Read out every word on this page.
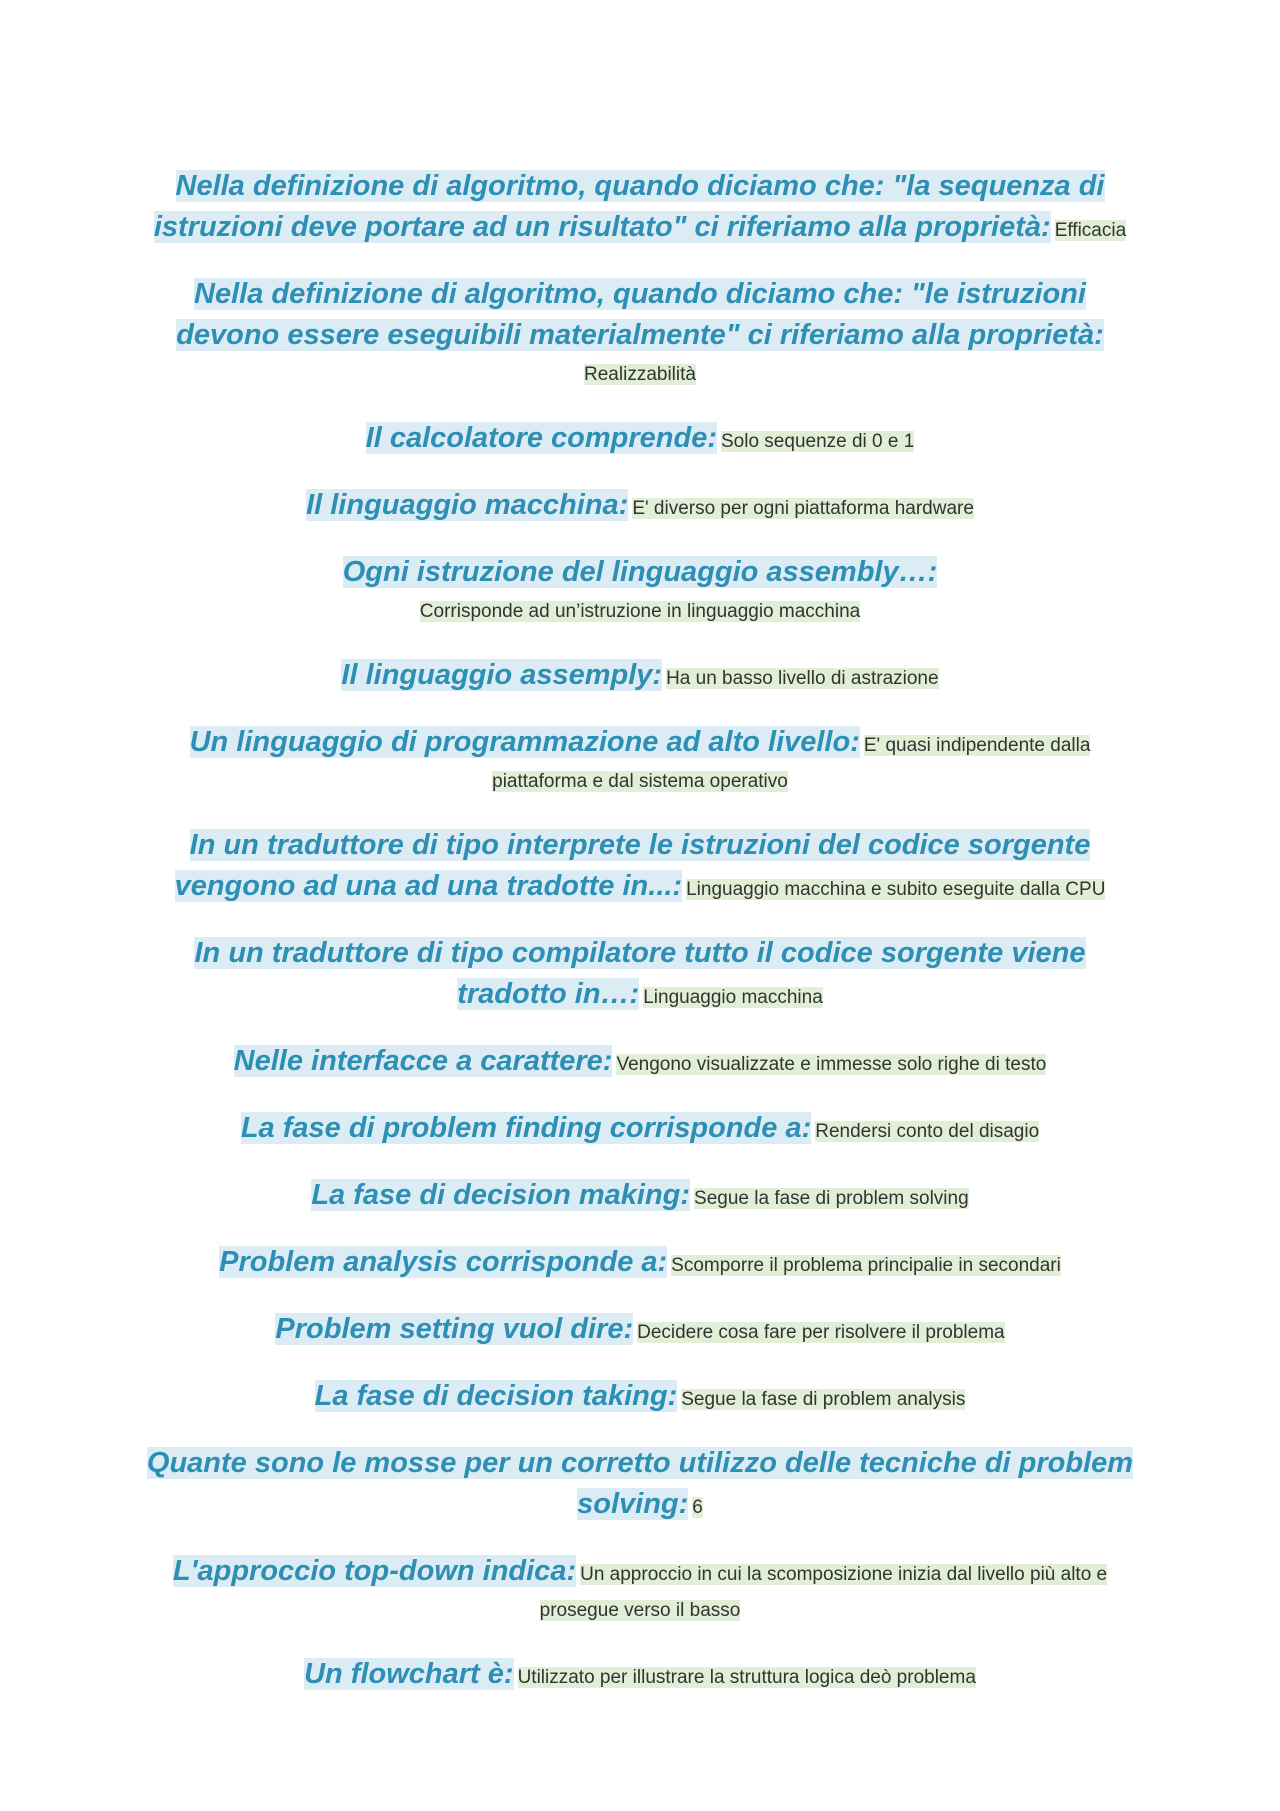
Nella definizione di algoritmo, quando diciamo che: "la sequenza di istruzioni deve portare ad un risultato" ci riferiamo alla proprietà: Efficacia
Nella definizione di algoritmo, quando diciamo che: "le istruzioni devono essere eseguibili materialmente" ci riferiamo alla proprietà: Realizzabilità
Il calcolatore comprende: Solo sequenze di 0 e 1
Il linguaggio macchina: E' diverso per ogni piattaforma hardware
Ogni istruzione del linguaggio assembly…:
Corrisponde ad un’istruzione in linguaggio macchina
Il linguaggio assemply: Ha un basso livello di astrazione
Un linguaggio di programmazione ad alto livello: E' quasi indipendente dalla piattaforma e dal sistema operativo
In un traduttore di tipo interprete le istruzioni del codice sorgente vengono ad una ad una tradotte in...: Linguaggio macchina e subito eseguite dalla CPU
In un traduttore di tipo compilatore tutto il codice sorgente viene tradotto in…: Linguaggio macchina
Nelle interfacce a carattere: Vengono visualizzate e immesse solo righe di testo
La fase di problem finding corrisponde a: Rendersi conto del disagio
La fase di decision making: Segue la fase di problem solving
Problem analysis corrisponde a: Scomporre il problema principalie in secondari
Problem setting vuol dire: Decidere cosa fare per risolvere il problema
La fase di decision taking: Segue la fase di problem analysis
Quante sono le mosse per un corretto utilizzo delle tecniche di problem solving: 6
L'approccio top-down indica: Un approccio in cui la scomposizione inizia dal livello più alto e prosegue verso il basso
Un flowchart è: Utilizzato per illustrare la struttura logica deò problema
